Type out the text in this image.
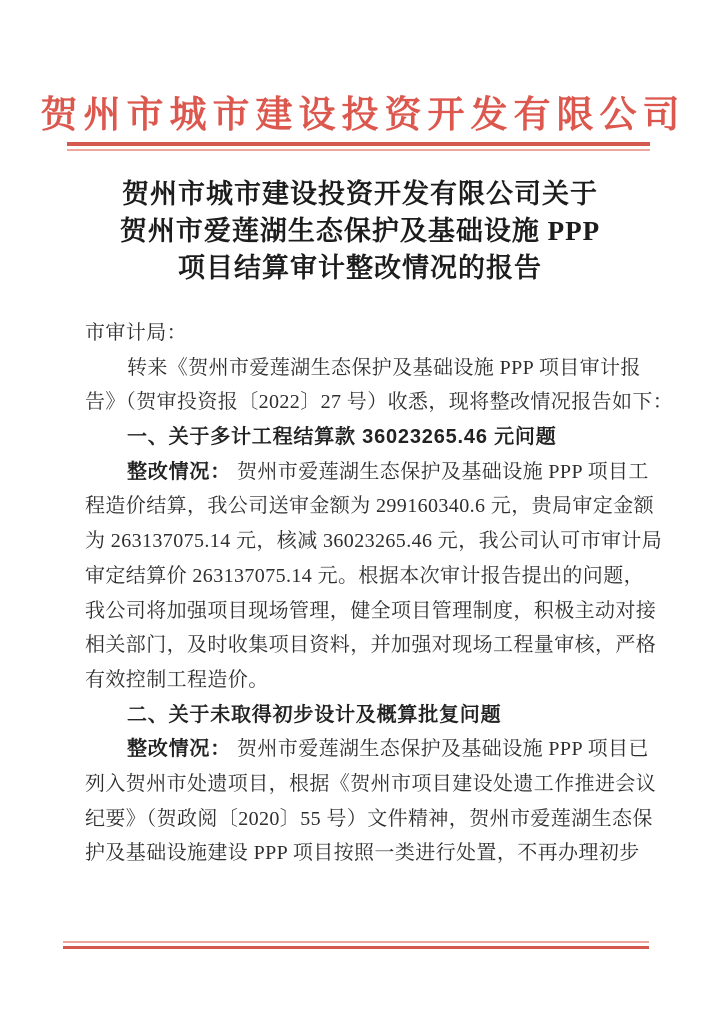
贺州市城市建设投资开发有限公司
贺州市城市建设投资开发有限公司关于
贺州市爱莲湖生态保护及基础设施 PPP
项目结算审计整改情况的报告
市审计局：
转来《贺州市爱莲湖生态保护及基础设施 PPP 项目审计报
告》（贺审投资报〔2022〕27 号）收悉，现将整改情况报告如下：
一、关于多计工程结算款 36023265.46 元问题
整改情况： 贺州市爱莲湖生态保护及基础设施 PPP 项目工
程造价结算，我公司送审金额为 299160340.6 元，贵局审定金额
为 263137075.14 元，核减 36023265.46 元，我公司认可市审计局
审定结算价 263137075.14 元。根据本次审计报告提出的问题，
我公司将加强项目现场管理，健全项目管理制度，积极主动对接
相关部门，及时收集项目资料，并加强对现场工程量审核，严格
有效控制工程造价。
二、关于未取得初步设计及概算批复问题
整改情况： 贺州市爱莲湖生态保护及基础设施 PPP 项目已
列入贺州市处遗项目，根据《贺州市项目建设处遗工作推进会议
纪要》（贺政阅〔2020〕55 号）文件精神，贺州市爱莲湖生态保
护及基础设施建设 PPP 项目按照一类进行处置，不再办理初步
